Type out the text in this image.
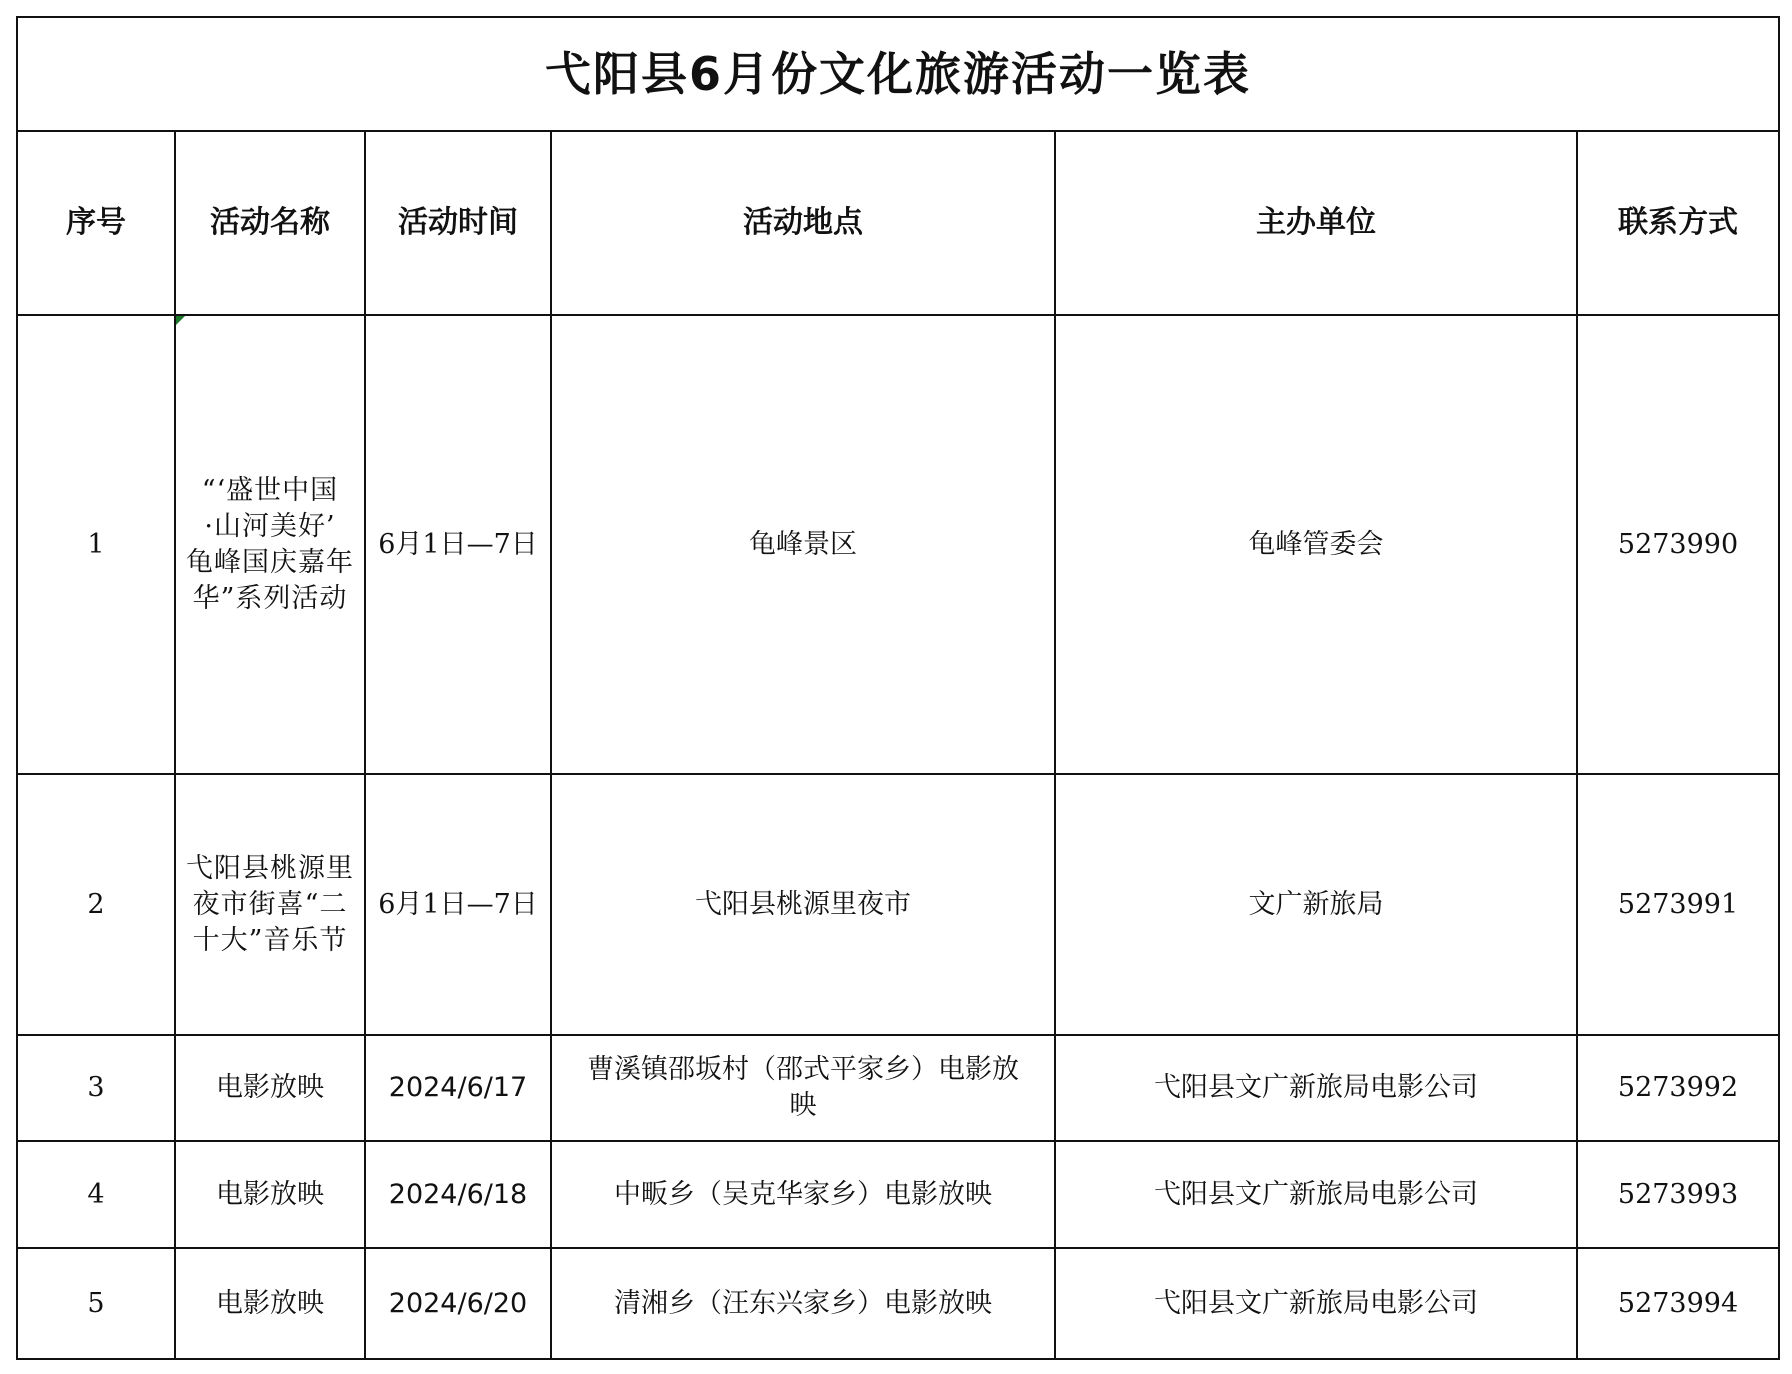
弋阳县6月份文化旅游活动一览表					
序号	活动名称	活动时间	活动地点	主办单位	联系方式
1	“‘盛世中国
·山河美好’
龟峰国庆嘉年
华”系列活动	6月1日—7日	龟峰景区	龟峰管委会	5273990
2	弋阳县桃源里
夜市街喜“二
十大”音乐节	6月1日—7日	弋阳县桃源里夜市	文广新旅局	5273991
3	电影放映	2024/6/17	曹溪镇邵坂村（邵式平家乡）电影放
映	弋阳县文广新旅局电影公司	5273992
4	电影放映	2024/6/18	中畈乡（吴克华家乡）电影放映	弋阳县文广新旅局电影公司	5273993
5	电影放映	2024/6/20	清湘乡（汪东兴家乡）电影放映	弋阳县文广新旅局电影公司	5273994
